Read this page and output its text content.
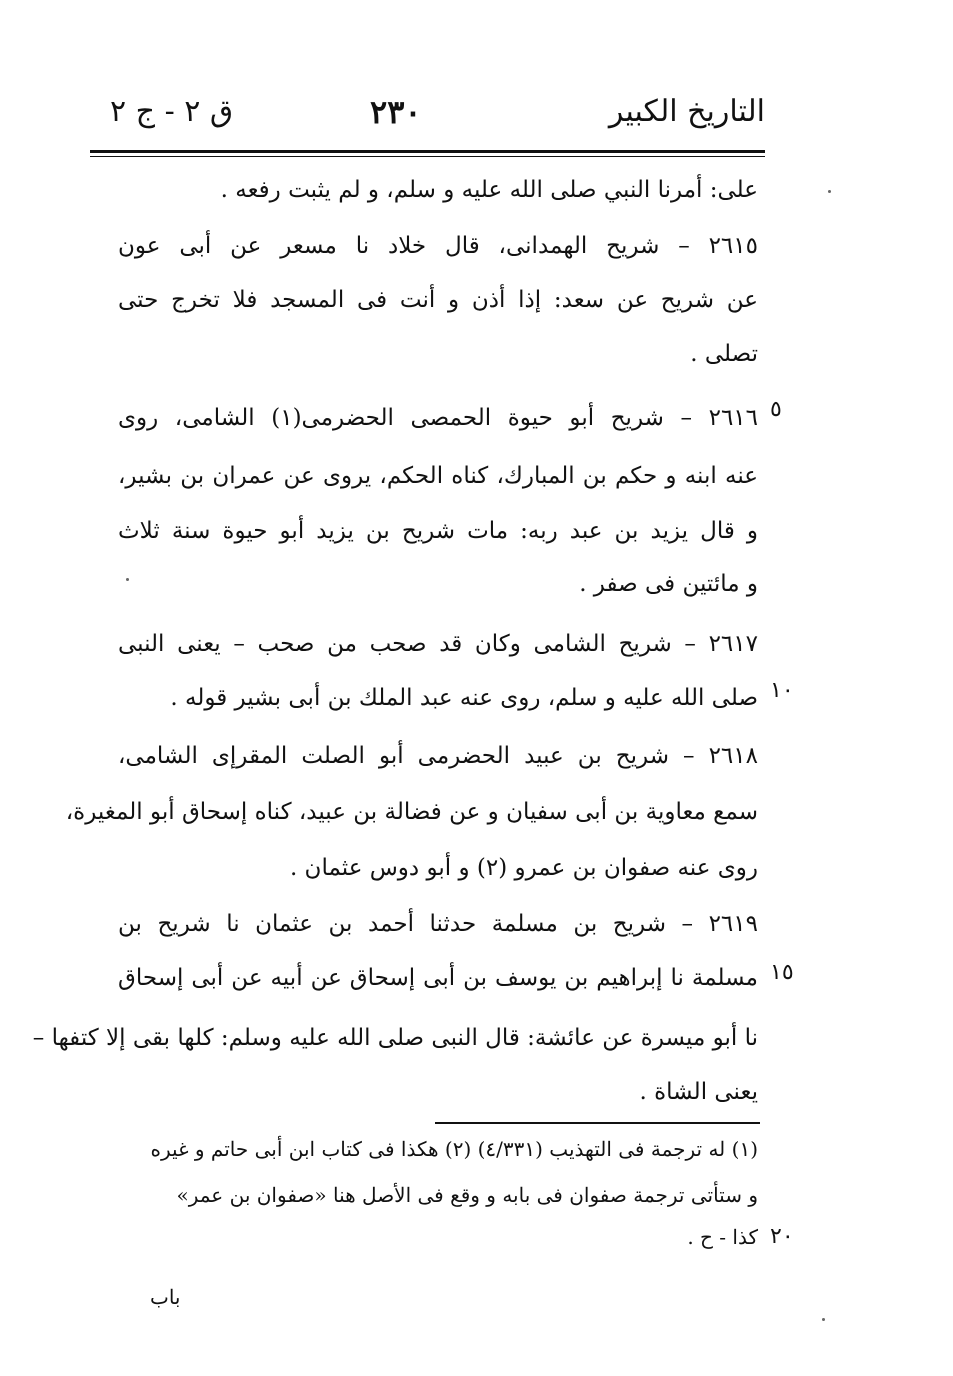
التاريخ الكبير
٢٣٠
ق ٢ - ج ٢
على: أمرنا النبي صلى الله عليه و سلم، و لم يثبت رفعه .
٢٦١٥ – شريح الهمدانى، قال خلاد نا مسعر عن أبى عون
عن شريح عن سعد: إذا أذن و أنت فى المسجد فلا تخرج حتى
تصلى .
٢٦١٦ – شريح أبو حيوة الحمصى الحضرمى(١) الشامى، روى
عنه ابنه و حكم بن المبارك، كناه الحكم، يروى عن عمران بن بشير،
و قال يزيد بن عبد ربه: مات شريح بن يزيد أبو حيوة سنة ثلاث
و مائتين فى صفر .
٢٦١٧ – شريح الشامى وكان قد صحب من صحب – يعنى النبى
صلى الله عليه و سلم، روى عنه عبد الملك بن أبى بشير قوله .
٢٦١٨ – شريح بن عبيد الحضرمى أبو الصلت المقرإى الشامى،
سمع معاوية بن أبى سفيان و عن فضالة بن عبيد، كناه إسحاق أبو المغيرة،
روى عنه صفوان بن عمرو (٢) و أبو دوس عثمان .
٢٦١٩ – شريح بن مسلمة حدثنا أحمد بن عثمان نا شريح بن
مسلمة نا إبراهيم بن يوسف بن أبى إسحاق عن أبيه عن أبى إسحاق
نا أبو ميسرة عن عائشة: قال النبى صلى الله عليه وسلم: كلها بقى إلا كتفها –
يعنى الشاة .
٥
١٠
١٥
٢٠
(١) له ترجمة فى التهذيب (٤/٣٣١) (٢) هكذا فى كتاب ابن أبى حاتم و غيره
و ستأتى ترجمة صفوان فى بابه و وقع فى الأصل هنا «صفوان بن عمر»
كذا - ح .
باب
